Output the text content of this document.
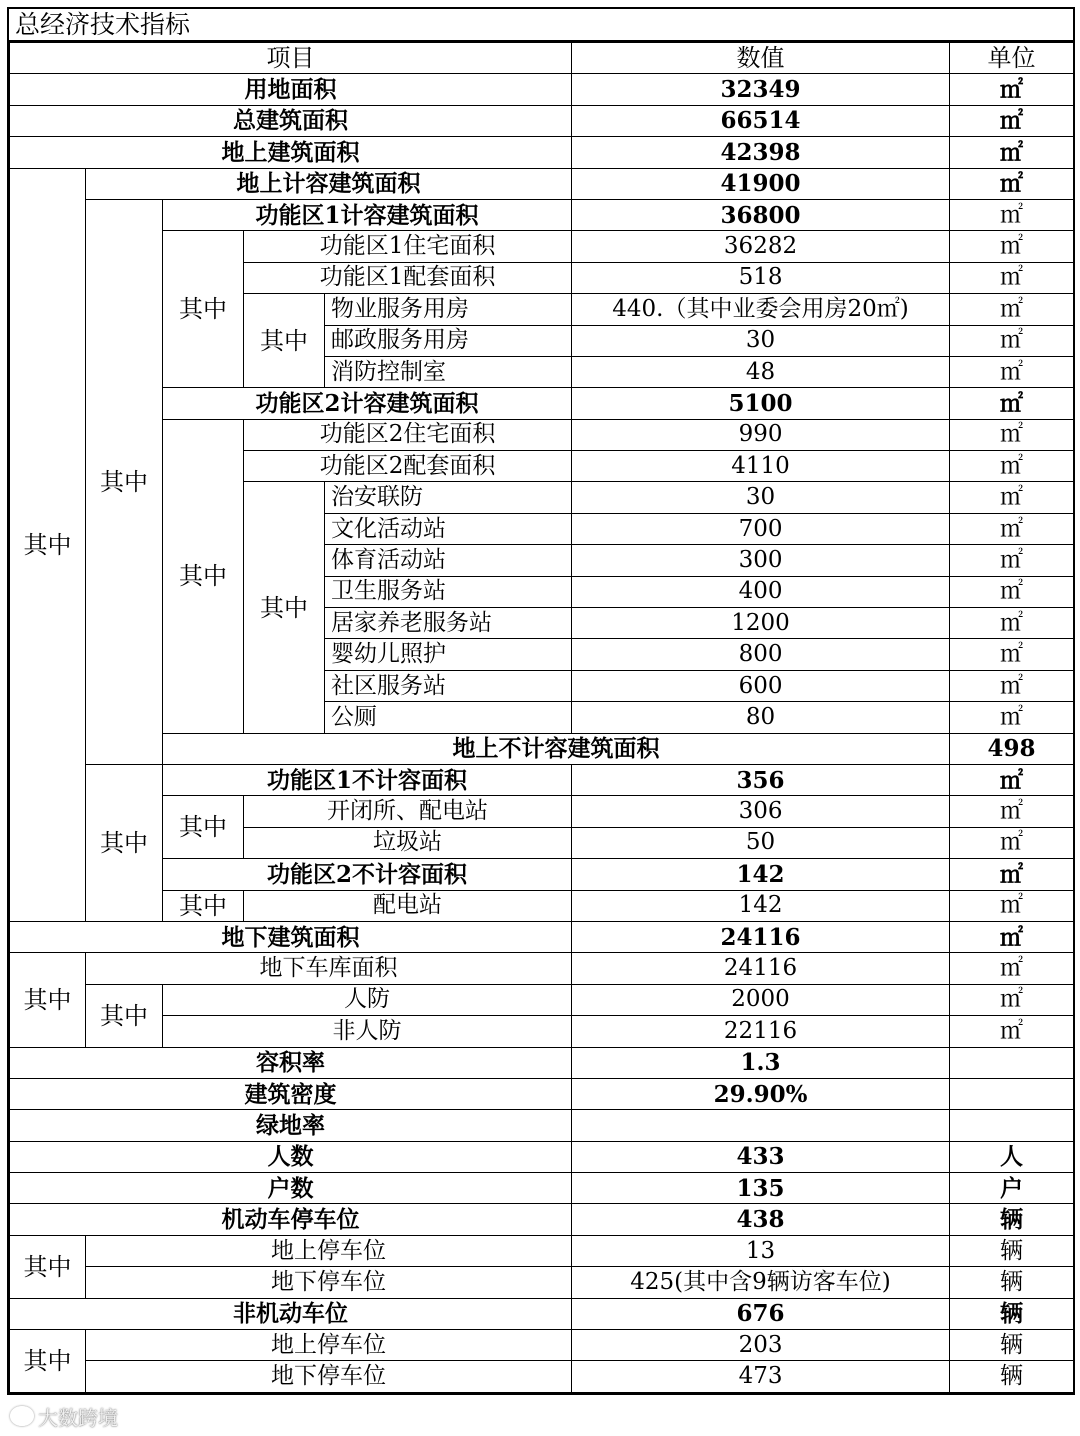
总经济技术指标
项目					数值	单位	
用地面积					32349	㎡	
总建筑面积					66514	㎡	
地上建筑面积					42398	㎡	
其中	地上计容建筑面积				41900	㎡	
	其中	功能区1计容建筑面积			36800	㎡	
		其中	功能区1住宅面积		36282	㎡	
			功能区1配套面积		518	㎡	
			其中	物业服务用房	440.（其中业委会用房20㎡)	㎡	
				邮政服务用房	30	㎡	
				消防控制室	48	㎡	
		功能区2计容建筑面积			5100	㎡	
		其中	功能区2住宅面积		990	㎡	
			功能区2配套面积		4110	㎡	
			其中	治安联防	30	㎡	
				文化活动站	700	㎡	
				体育活动站	300	㎡	
				卫生服务站	400	㎡	
				居家养老服务站	1200	㎡	
				婴幼儿照护	800	㎡	
				社区服务站	600	㎡	
				公厕	80	㎡	
		地上不计容建筑面积				498	
	其中	功能区1不计容面积			356	㎡	
		其中	开闭所、配电站		306	㎡	
			垃圾站		50	㎡	
		功能区2不计容面积			142	㎡	
		其中	配电站		142	㎡	
地下建筑面积					24116	㎡	
其中	地下车库面积				24116	㎡	
	其中	人防			2000	㎡	
		非人防			22116	㎡	
容积率					1.3		
建筑密度					29.90%		
绿地率							
人数					433	人	
户数					135	户	
机动车停车位					438	辆	
其中	地上停车位				13	辆	
	地下停车位				425(其中含9辆访客车位)	辆	
非机动车位					676	辆	
其中	地上停车位				203	辆	
	地下停车位				473	辆	
大数跨境
